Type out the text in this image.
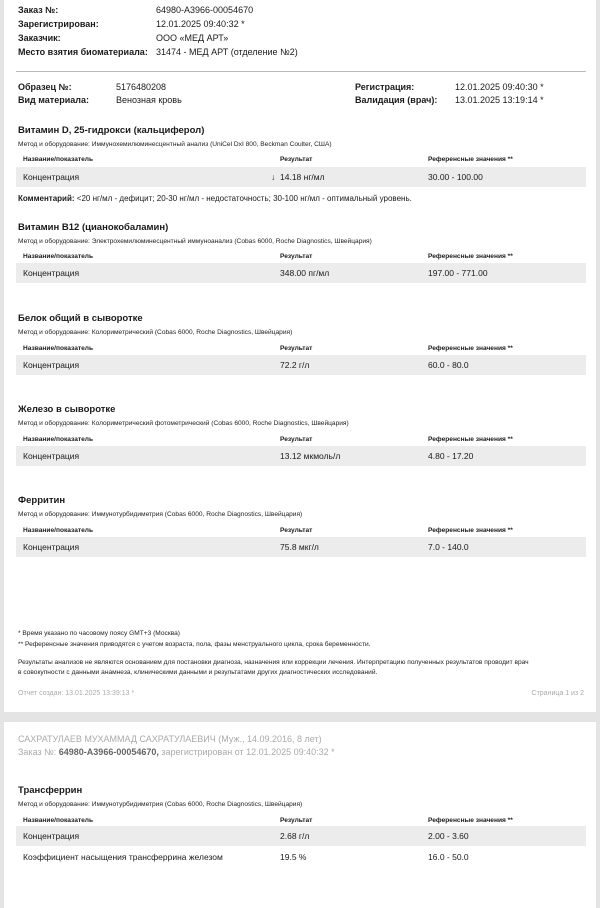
Заказ №:	64980-A3966-00054670
Зарегистрирован:	12.01.2025 09:40:32 *
Заказчик:	ООО «МЕД АРТ»
Место взятия биоматериала: 31474 - МЕД АРТ (отделение №2)
Образец №:	5176480208
Вид материала:	Венозная кровь
Регистрация:	12.01.2025 09:40:30 *
Валидация (врач): 13.01.2025 13:19:14 *
Витамин D, 25-гидрокси (кальциферол)
Метод и оборудование: Иммунохемилюминесцентный анализ (UniCel DxI 800, Beckman Coulter, США)
Название/показатель	Результат	Референсные значения **
Концентрация	↓ 14.18 нг/мл	30.00 - 100.00
Комментарий: <20 нг/мл - дефицит; 20-30 нг/мл - недостаточность; 30-100 нг/мл - оптимальный уровень.
Витамин B12 (цианокобаламин)
Метод и оборудование: Электрохемилюминесцентный иммуноанализ (Cobas 6000, Roche Diagnostics, Швейцария)
Название/показатель	Результат	Референсные значения **
Концентрация	348.00 пг/мл	197.00 - 771.00
Белок общий в сыворотке
Метод и оборудование: Колориметрический (Cobas 6000, Roche Diagnostics, Швейцария)
Название/показатель	Результат	Референсные значения **
Концентрация	72.2 г/л	60.0 - 80.0
Железо в сыворотке
Метод и оборудование: Колориметрический фотометрический (Cobas 6000, Roche Diagnostics, Швейцария)
Название/показатель	Результат	Референсные значения **
Концентрация	13.12 мкмоль/л	4.80 - 17.20
Ферритин
Метод и оборудование: Иммунотурбидиметрия (Cobas 6000, Roche Diagnostics, Швейцария)
Название/показатель	Результат	Референсные значения **
Концентрация	75.8 мкг/л	7.0 - 140.0
* Время указано по часовому поясу GMT+3 (Москва)
** Референсные значения приводятся с учетом возраста, пола, фазы менструального цикла, срока беременности.
Результаты анализов не являются основанием для постановки диагноза, назначения или коррекции лечения. Интерпретацию полученных результатов проводит врач
в совокупности с данными анамнеза, клиническими данными и результатами других диагностических исследований.
Отчет создан: 13.01.2025 13:39:13 *	Страница 1 из 2
САХРАТУЛАЕВ МУХАММАД САХРАТУЛАЕВИЧ (Муж., 14.09.2016, 8 лет)
Заказ №: 64980-A3966-00054670, зарегистрирован от 12.01.2025 09:40:32 *
Трансферрин
Метод и оборудование: Иммунотурбидиметрия (Cobas 6000, Roche Diagnostics, Швейцария)
Название/показатель	Результат	Референсные значения **
Концентрация	2.68 г/л	2.00 - 3.60
Коэффициент насыщения трансферрина железом	19.5 %	16.0 - 50.0
